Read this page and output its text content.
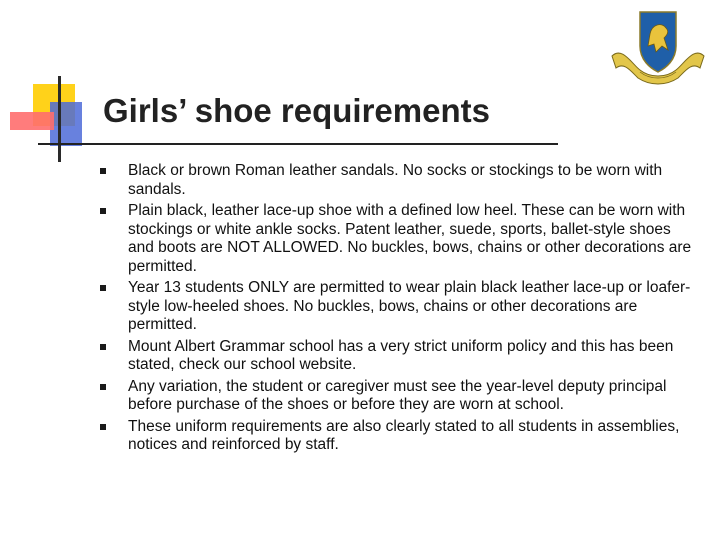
Girls’ shoe requirements
Black or brown Roman leather sandals. No socks or stockings to be worn with sandals.
Plain black, leather lace-up shoe with a defined low heel. These can be worn with stockings or white ankle socks. Patent leather, suede, sports, ballet-style shoes and boots are NOT ALLOWED. No buckles, bows, chains or other decorations are permitted.
Year 13 students ONLY are permitted to wear plain black leather lace-up or loafer-style low-heeled shoes. No buckles, bows, chains or other decorations are permitted.
Mount Albert Grammar school has a very strict uniform policy and this has been stated, check our school website.
Any variation, the student or caregiver must see the year-level deputy principal before purchase of the shoes or before they are worn at school.
These uniform requirements are also clearly stated to all students in assemblies, notices and reinforced by staff.
